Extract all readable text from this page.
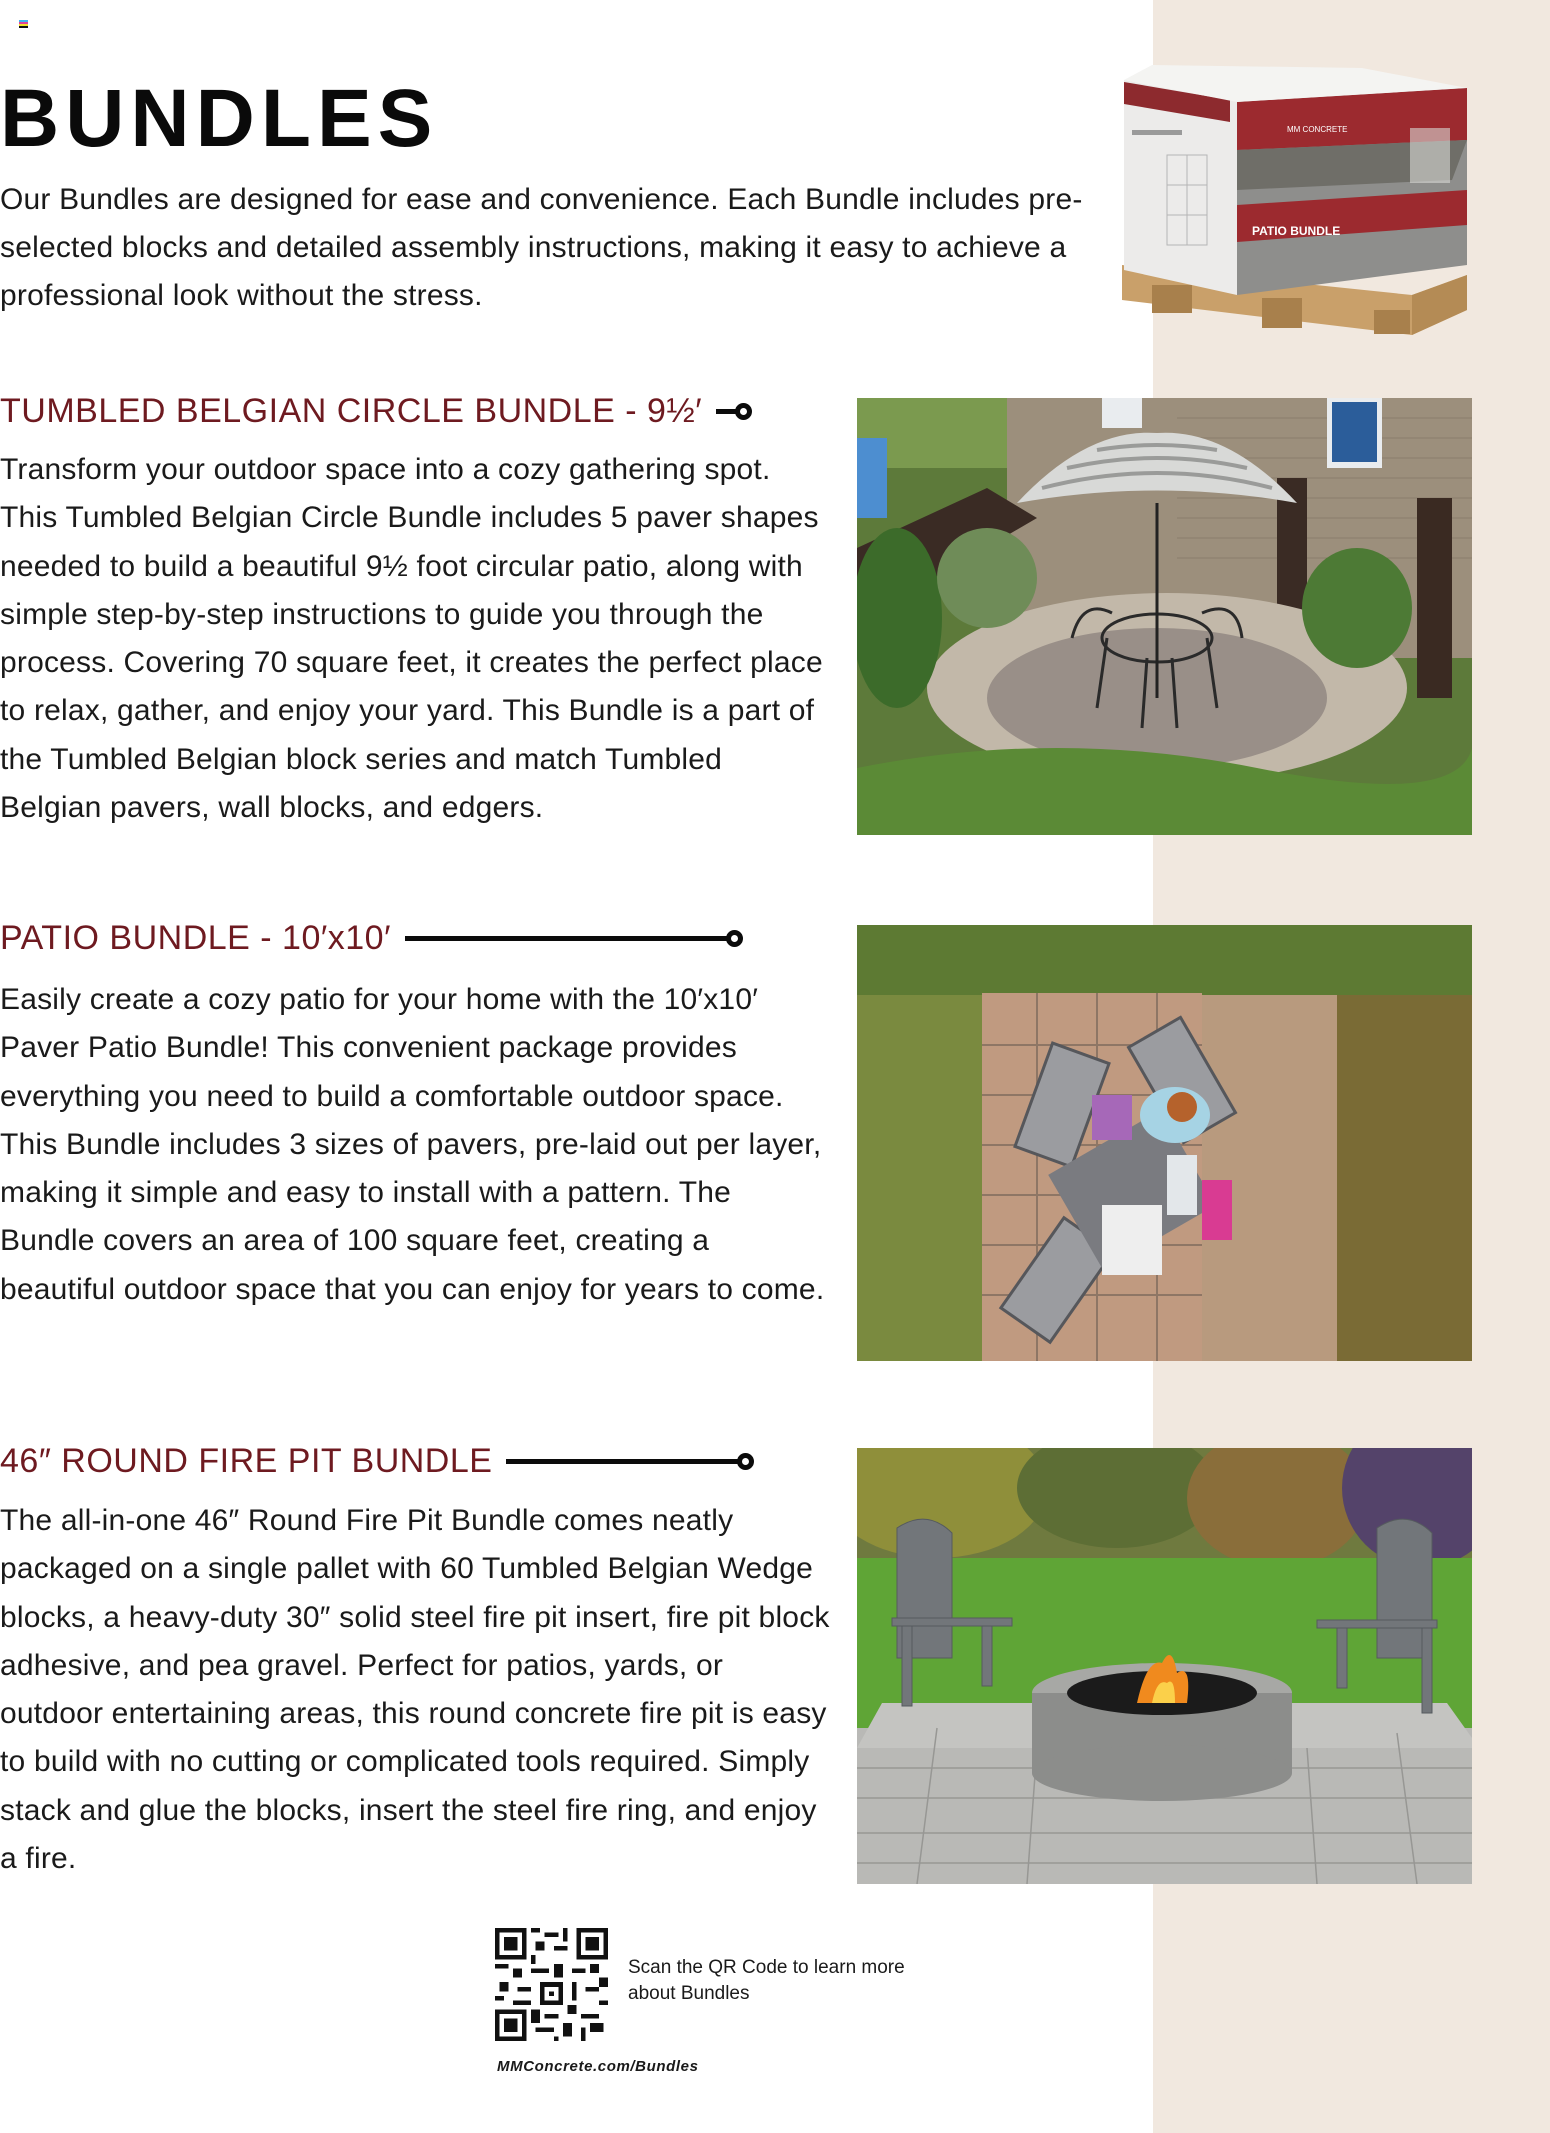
BUNDLES

Our Bundles are designed for ease and convenience. Each Bundle includes pre-selected blocks and detailed assembly instructions, making it easy to achieve a professional look without the stress.

PATIO BUNDLE
MM CONCRETE
TUMBLED BELGIAN CIRCLE BUNDLE - 9½′

Transform your outdoor space into a cozy gathering spot. This Tumbled Belgian Circle Bundle includes 5 paver shapes needed to build a beautiful 9½ foot circular patio, along with simple step-by-step instructions to guide you through the process. Covering 70 square feet, it creates the perfect place to relax, gather, and enjoy your yard. This Bundle is a part of the Tumbled Belgian block series and match Tumbled Belgian pavers, wall blocks, and edgers.

PATIO BUNDLE - 10′x10′

Easily create a cozy patio for your home with the 10′x10′ Paver Patio Bundle! This convenient package provides everything you need to build a comfortable outdoor space. This Bundle includes 3 sizes of pavers, pre-laid out per layer, making it simple and easy to install with a pattern. The Bundle covers an area of 100 square feet, creating a beautiful outdoor space that you can enjoy for years to come.

46″ ROUND FIRE PIT BUNDLE

The all-in-one 46″ Round Fire Pit Bundle comes neatly packaged on a single pallet with 60 Tumbled Belgian Wedge blocks, a heavy-duty 30″ solid steel fire pit insert, fire pit block adhesive, and pea gravel. Perfect for patios, yards, or outdoor entertaining areas, this round concrete fire pit is easy to build with no cutting or complicated tools required. Simply stack and glue the blocks, insert the steel fire ring, and enjoy a fire.

Scan the QR Code to learn more about Bundles

MMConcrete.com/Bundles
